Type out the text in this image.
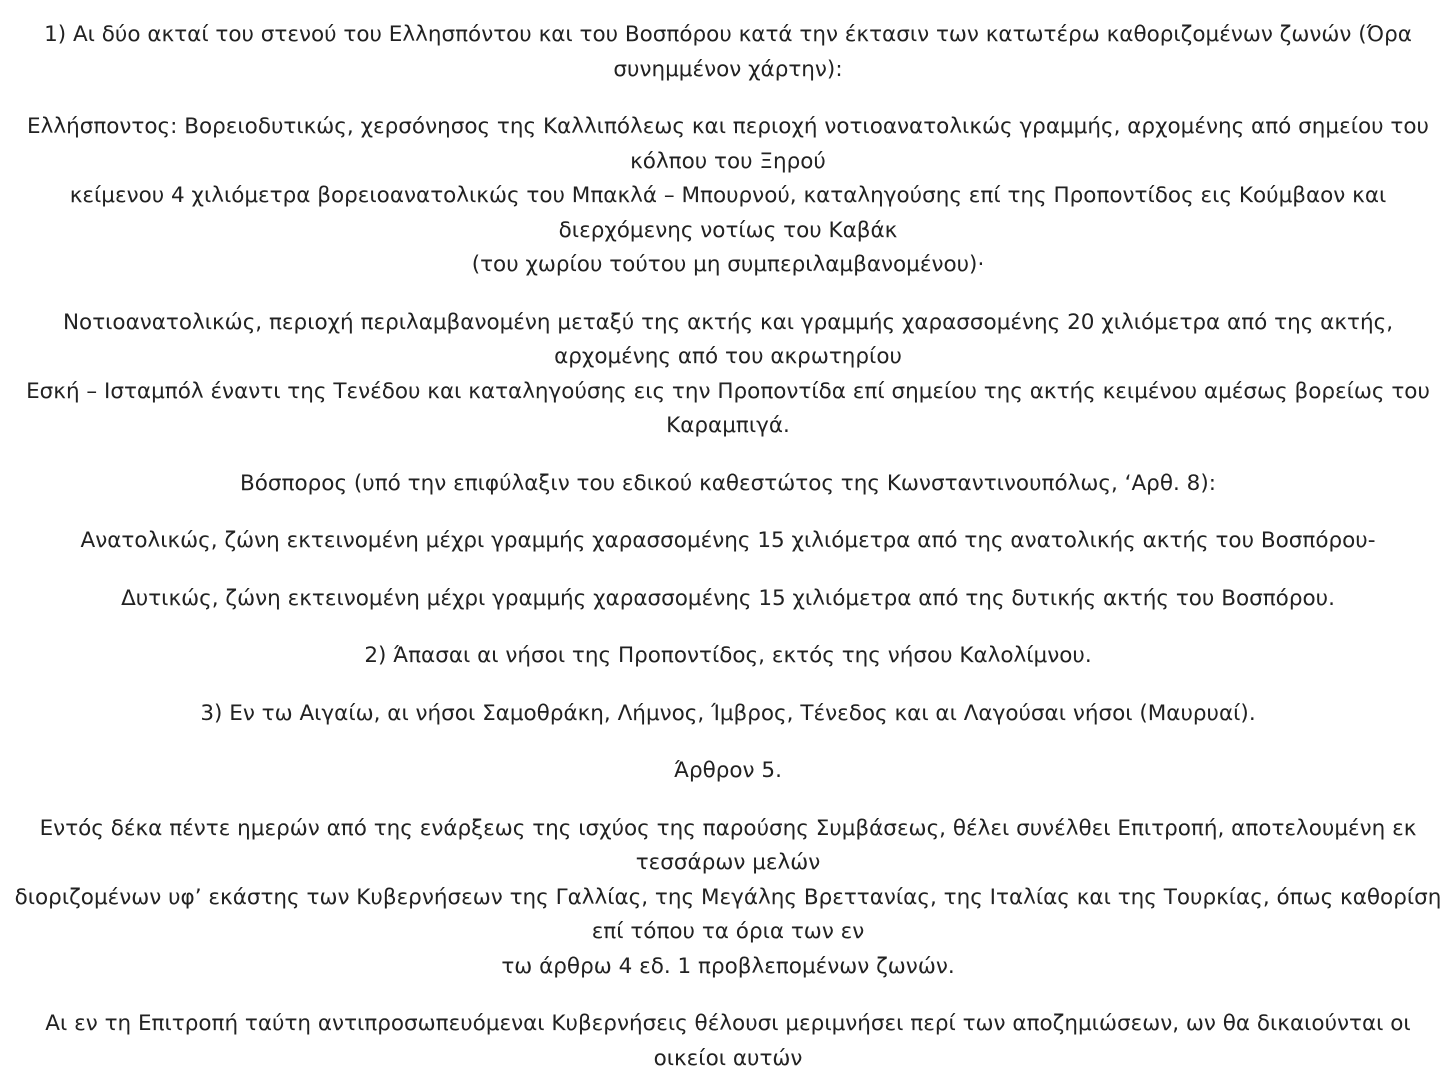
1) Αι δύο ακταί του στενού του Ελλησπόντου και του Βοσπόρου κατά την έκτασιν των κατωτέρω καθοριζομένων ζωνών (Όρα συνημμένον χάρτην):

Ελλήσποντος: Βορειοδυτικώς, χερσόνησος της Καλλιπόλεως και περιοχή νοτιοανατολικώς γραμμής, αρχομένης από σημείου του κόλπου του Ξηρού
κείμενου 4 χιλιόμετρα βορειοανατολικώς του Μπακλά – Μπουρνού, καταληγούσης επί της Προποντίδος εις Κούμβαον και διερχόμενης νοτίως του Καβάκ
(του χωρίου τούτου μη συμπεριλαμβανομένου)·

Νοτιοανατολικώς, περιοχή περιλαμβανομένη μεταξύ της ακτής και γραμμής χαρασσομένης 20 χιλιόμετρα από της ακτής, αρχομένης από του ακρωτηρίου
Εσκή – Ισταμπόλ έναντι της Τενέδου και καταληγούσης εις την Προποντίδα επί σημείου της ακτής κειμένου αμέσως βορείως του Καραμπιγά.

Βόσπορος (υπό την επιφύλαξιν του εδικού καθεστώτος της Κωνσταντινουπόλως, ‘Αρθ. 8):

Ανατολικώς, ζώνη εκτεινομένη μέχρι γραμμής χαρασσομένης 15 χιλιόμετρα από της ανατολικής ακτής του Βοσπόρου-

Δυτικώς, ζώνη εκτεινομένη μέχρι γραμμής χαρασσομένης 15 χιλιόμετρα από της δυτικής ακτής του Βοσπόρου.

2) Άπασαι αι νήσοι της Προποντίδος, εκτός της νήσου Καλολίμνου.

3) Εν τω Αιγαίω, αι νήσοι Σαμοθράκη, Λήμνος, Ίμβρος, Τένεδος και αι Λαγούσαι νήσοι (Μαυρυαί).

Άρθρον 5.

Εντός δέκα πέντε ημερών από της ενάρξεως της ισχύος της παρούσης Συμβάσεως, θέλει συνέλθει Επιτροπή, αποτελουμένη εκ τεσσάρων μελών
διοριζομένων υφ’ εκάστης των Κυβερνήσεων της Γαλλίας, της Μεγάλης Βρεττανίας, της Ιταλίας και της Τουρκίας, όπως καθορίση επί τόπου τα όρια των εν
τω άρθρω 4 εδ. 1 προβλεπομένων ζωνών.

Αι εν τη Επιτροπή ταύτη αντιπροσωπευόμεναι Κυβερνήσεις θέλουσι μεριμνήσει περί των αποζημιώσεων, ων θα δικαιούνται οι οικείοι αυτών
